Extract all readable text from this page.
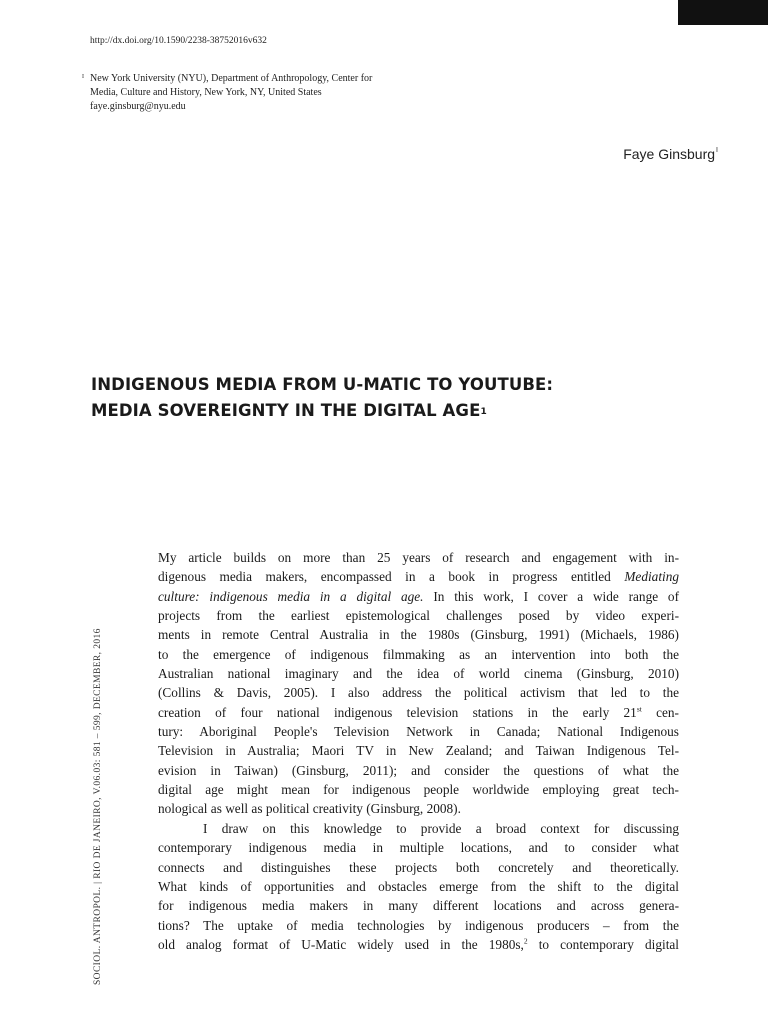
http://dx.doi.org/10.1590/2238-38752016v632
I New York University (NYU), Department of Anthropology, Center for
Media, Culture and History, New York, NY, United States
faye.ginsburg@nyu.edu
Faye Ginsburg$^I$
INDIGENOUS MEDIA FROM U-MATIC TO YOUTUBE:
MEDIA SOVEREIGNTY IN THE DIGITAL AGE$^1$
SOCIOL. ANTROPOL. | RIO DE JANEIRO, V.06.03: 581 – 599, DECEMBER, 2016
My article builds on more than 25 years of research and engagement with in-
digenous media makers, encompassed in a book in progress entitled Mediating
culture: indigenous media in a digital age. In this work, I cover a wide range of
projects from the earliest epistemological challenges posed by video experi-
ments in remote Central Australia in the 1980s (Ginsburg, 1991) (Michaels, 1986)
to the emergence of indigenous filmmaking as an intervention into both the
Australian national imaginary and the idea of world cinema (Ginsburg, 2010)
(Collins & Davis, 2005). I also address the political activism that led to the
creation of four national indigenous television stations in the early 21st cen-
tury: Aboriginal People's Television Network in Canada; National Indigenous
Television in Australia; Maori TV in New Zealand; and Taiwan Indigenous Tel-
evision in Taiwan) (Ginsburg, 2011); and consider the questions of what the
digital age might mean for indigenous people worldwide employing great tech-
nological as well as political creativity (Ginsburg, 2008).
I draw on this knowledge to provide a broad context for discussing
contemporary indigenous media in multiple locations, and to consider what
connects and distinguishes these projects both concretely and theoretically.
What kinds of opportunities and obstacles emerge from the shift to the digital
for indigenous media makers in many different locations and across genera-
tions? The uptake of media technologies by indigenous producers – from the
old analog format of U-Matic widely used in the 1980s,$^2$ to contemporary digital
